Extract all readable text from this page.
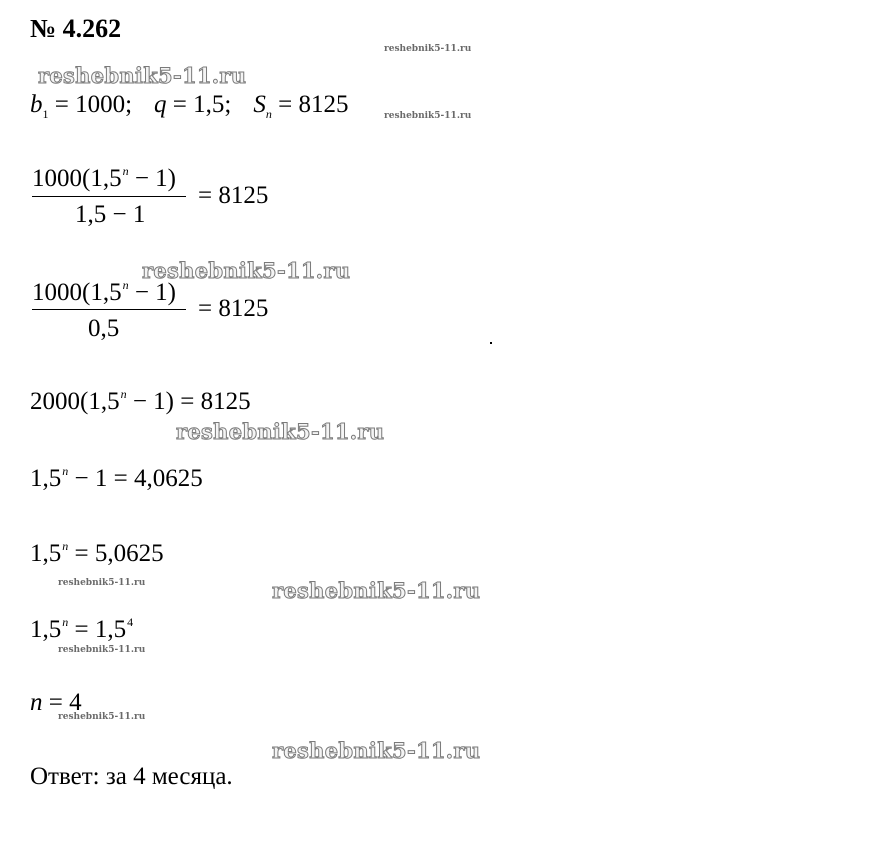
№ 4.262
reshebnik5-11.ru
reshebnik5-11.ru
reshebnik5-11.ru
reshebnik5-11.ru
reshebnik5-11.ru
reshebnik5-11.ru	reshebnik5-11.ru
reshebnik5-11.ru
reshebnik5-11.ru
reshebnik5-11.ru
$b_1 = 1000$; q = 1,5; $S_n = 8125$
$1000(1,5^n - 1)$
1,5 − 1
= 8125
$1000(1,5^n - 1)$
0,5
= 8125
$2000(1,5^n - 1) = 8125$
$1,5^n - 1 = 4,0625$
$1,5^n = 5,0625$
$1,5^n = 1,5^4$
n = 4
Ответ: за 4 месяца.
